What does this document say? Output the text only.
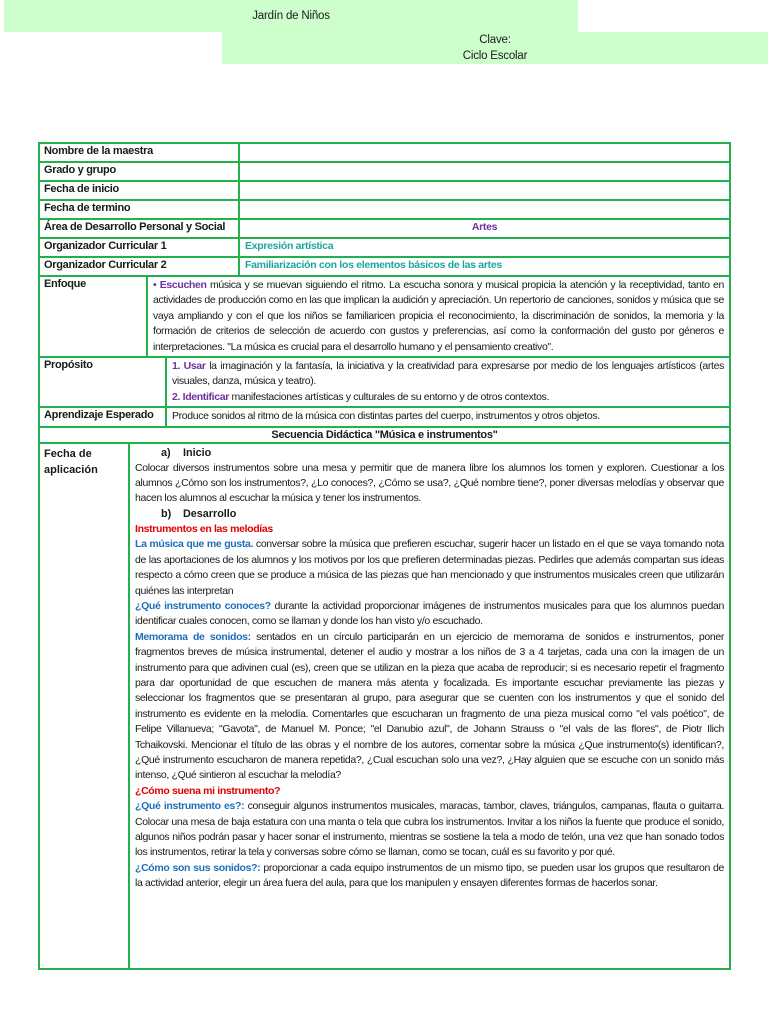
Jardín de Niños
Clave:
Ciclo Escolar
Nombre de la maestra
Grado y grupo
Fecha de inicio
Fecha de termino
Área de Desarrollo Personal y Social	Artes
Organizador Curricular 1	Expresión artística
Organizador Curricular 2	Familiarización con los elementos básicos de las artes
Enfoque	• Escuchen música y se muevan siguiendo el ritmo. La escucha sonora y musical propicia la atención y la receptividad, tanto en actividades de producción como en las que implican la audición y apreciación. Un repertorio de canciones, sonidos y música que se vaya ampliando y con el que los niños se familiaricen propicia el reconocimiento, la discriminación de sonidos, la memoria y la formación de criterios de selección de acuerdo con gustos y preferencias, así como la conformación del gusto por géneros e interpretaciones. "La música es crucial para el desarrollo humano y el pensamiento creativo".

Propósito	1. Usar la imaginación y la fantasía, la iniciativa y la creatividad para expresarse por medio de los lenguajes artísticos (artes visuales, danza, música y teatro).

2. Identificar manifestaciones artísticas y culturales de su entorno y de otros contextos.

Aprendizaje Esperado	Produce sonidos al ritmo de la música con distintas partes del cuerpo, instrumentos y otros objetos.

Secuencia Didáctica "Música e instrumentos"
Fecha de aplicación

a) Inicio

Colocar diversos instrumentos sobre una mesa y permitir que de manera libre los alumnos los tomen y exploren. Cuestionar a los alumnos ¿Cómo son los instrumentos?, ¿Lo conoces?, ¿Cómo se usa?, ¿Qué nombre tiene?, poner diversas melodías y observar que hacen los alumnos al escuchar la música y tener los instrumentos.

b) Desarrollo

Instrumentos en las melodías

La música que me gusta. conversar sobre la música que prefieren escuchar, sugerir hacer un listado en el que se vaya tomando nota de las aportaciones de los alumnos y los motivos por los que prefieren determinadas piezas. Pedirles que además compartan sus ideas respecto a cómo creen que se produce a música de las piezas que han mencionado y que instrumentos musicales creen que utilizarán quiénes las interpretan

¿Qué instrumento conoces? durante la actividad proporcionar imágenes de instrumentos musicales para que los alumnos puedan identificar cuales conocen, como se llaman y donde los han visto y/o escuchado.

Memorama de sonidos: sentados en un círculo participarán en un ejercicio de memorama de sonidos e instrumentos, poner fragmentos breves de música instrumental, detener el audio y mostrar a los niños de 3 a 4 tarjetas, cada una con la imagen de un instrumento para que adivinen cual (es), creen que se utilizan en la pieza que acaba de reproducir; si es necesario repetir el fragmento para dar oportunidad de que escuchen de manera más atenta y focalizada. Es importante escuchar previamente las piezas y seleccionar los fragmentos que se presentaran al grupo, para asegurar que se cuenten con los instrumentos y que el sonido del instrumento es evidente en la melodía. Comentarles que escucharan un fragmento de una pieza musical como "el vals poético", de Felipe Villanueva; "Gavota", de Manuel M. Ponce; "el Danubio azul", de Johann Strauss o "el vals de las flores", de Piotr Ilich Tchaikovski. Mencionar el título de las obras y el nombre de los autores, comentar sobre la música ¿Que instrumento(s) identifican?, ¿Qué instrumento escucharon de manera repetida?, ¿Cual escuchan solo una vez?, ¿Hay alguien que se escuche con un sonido más intenso, ¿Qué sintieron al escuchar la melodía?

¿Cómo suena mi instrumento?

¿Qué instrumento es?: conseguir algunos instrumentos musicales, maracas, tambor, claves, triángulos, campanas, flauta o guitarra. Colocar una mesa de baja estatura con una manta o tela que cubra los instrumentos. Invitar a los niños la fuente que produce el sonido, algunos niños podrán pasar y hacer sonar el instrumento, mientras se sostiene la tela a modo de telón, una vez que han sonado todos los instrumentos, retirar la tela y conversas sobre cómo se llaman, como se tocan, cuál es su favorito y por qué.

¿Cómo son sus sonidos?: proporcionar a cada equipo instrumentos de un mismo tipo, se pueden usar los grupos que resultaron de la actividad anterior, elegir un área fuera del aula, para que los manipulen y ensayen diferentes formas de hacerlos sonar.
